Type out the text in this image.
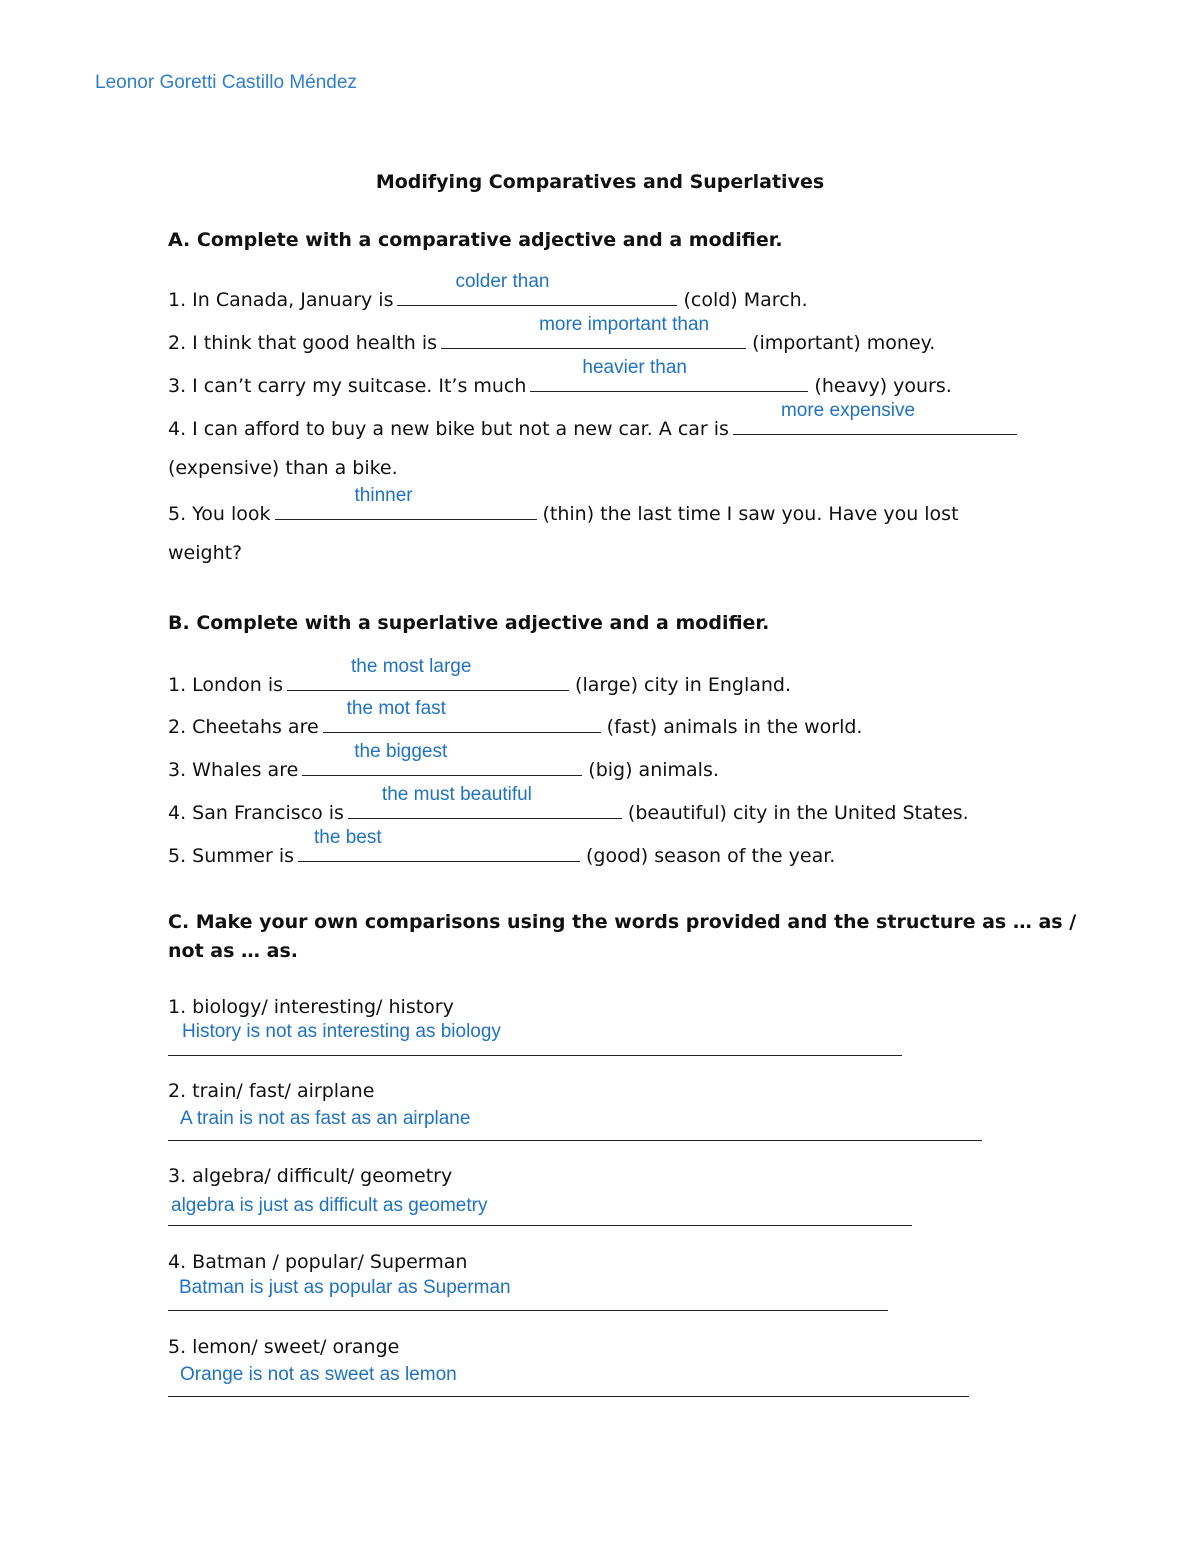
Leonor Goretti Castillo Méndez
Modifying Comparatives and Superlatives
A. Complete with a comparative adjective and a modifier.
1. In Canada, January is
colder than
(cold) March.
2. I think that good health is
more important than
(important) money.
3. I can’t carry my suitcase. It’s much
heavier than
(heavy) yours.
4. I can afford to buy a new bike but not a new car. A car is
more expensive
(expensive) than a bike.
5. You look
thinner
(thin) the last time I saw you. Have you lost
weight?
B. Complete with a superlative adjective and a modifier.
1. London is
the most large
(large) city in England.
2. Cheetahs are
the mot fast
(fast) animals in the world.
3. Whales are
the biggest
(big) animals.
4. San Francisco is
the must beautiful
(beautiful) city in the United States.
5. Summer is
the best
(good) season of the year.
C. Make your own comparisons using the words provided and the structure as … as /
not as … as.
1. biology/ interesting/ history
History is not as interesting as biology
2. train/ fast/ airplane
A train is not as fast as an airplane
3. algebra/ difficult/ geometry
algebra is just as difficult as geometry
4. Batman / popular/ Superman
Batman is just as popular as Superman
5. lemon/ sweet/ orange
Orange is not as sweet as lemon
